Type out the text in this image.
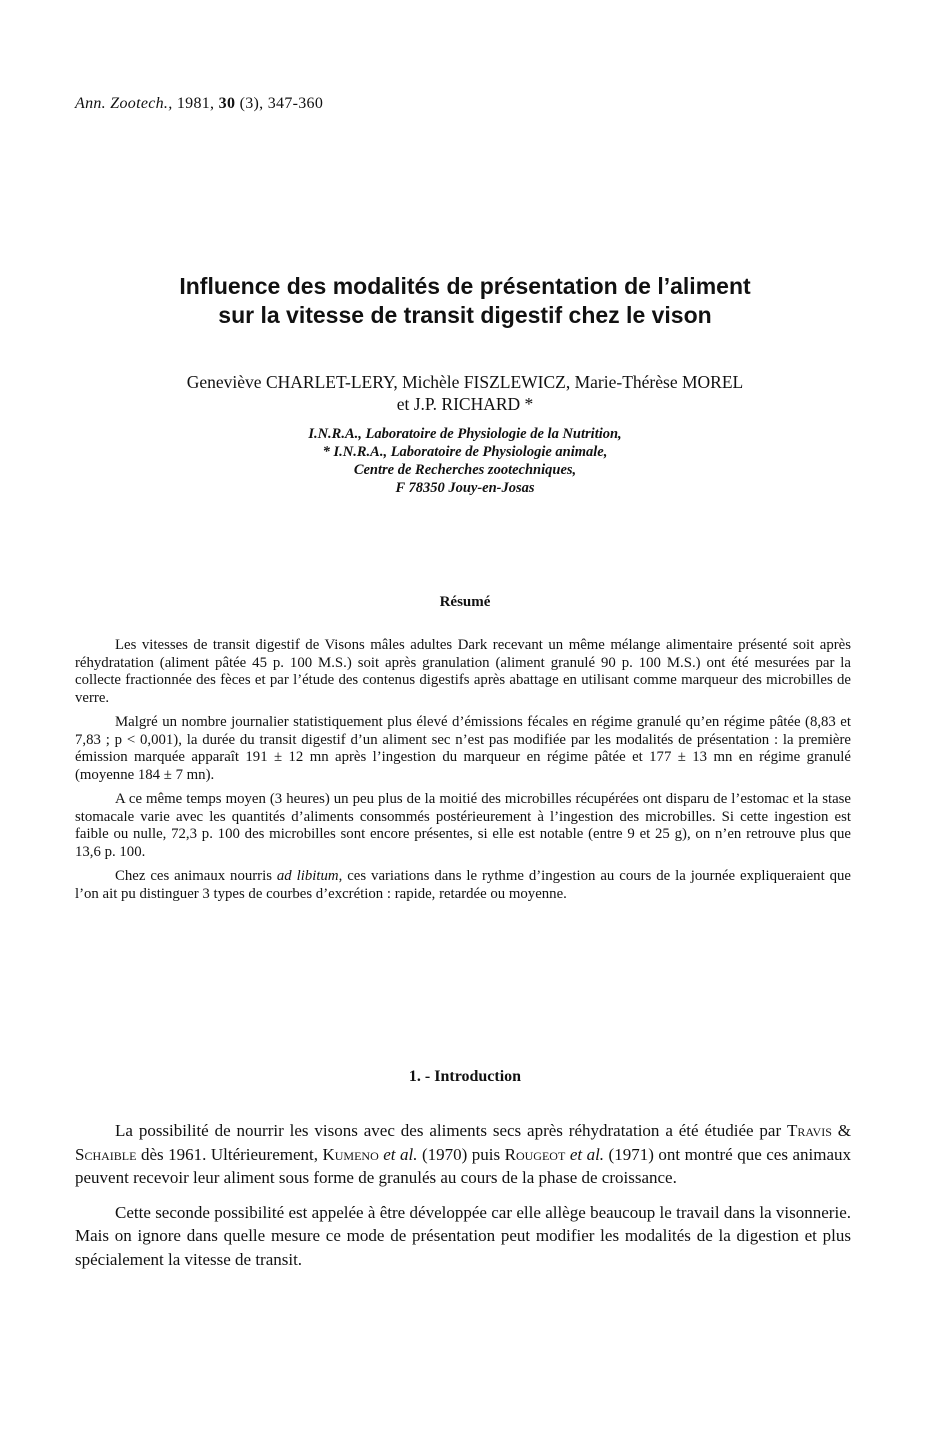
Ann. Zootech., 1981, 30 (3), 347-360
Influence des modalités de présentation de l’aliment
sur la vitesse de transit digestif chez le vison
Geneviève CHARLET-LERY, Michèle FISZLEWICZ, Marie-Thérèse MOREL
et J.P. RICHARD *
I.N.R.A., Laboratoire de Physiologie de la Nutrition,
* I.N.R.A., Laboratoire de Physiologie animale,
Centre de Recherches zootechniques,
F 78350 Jouy-en-Josas
Résumé

Les vitesses de transit digestif de Visons mâles adultes Dark recevant un même mélange alimentaire présenté soit après réhydratation (aliment pâtée 45 p. 100 M.S.) soit après granulation (aliment granulé 90 p. 100 M.S.) ont été mesurées par la collecte fractionnée des fèces et par l’étude des contenus digestifs après abattage en utilisant comme marqueur des microbilles de verre.

Malgré un nombre journalier statistiquement plus élevé d’émissions fécales en régime granulé qu’en régime pâtée (8,83 et 7,83 ; p < 0,001), la durée du transit digestif d’un aliment sec n’est pas modifiée par les modalités de présentation : la première émission marquée apparaît 191 ± 12 mn après l’ingestion du marqueur en régime pâtée et 177 ± 13 mn en régime granulé (moyenne 184 ± 7 mn).

A ce même temps moyen (3 heures) un peu plus de la moitié des microbilles récupérées ont disparu de l’estomac et la stase stomacale varie avec les quantités d’aliments consommés postérieurement à l’ingestion des microbilles. Si cette ingestion est faible ou nulle, 72,3 p. 100 des microbilles sont encore présentes, si elle est notable (entre 9 et 25 g), on n’en retrouve plus que 13,6 p. 100.

Chez ces animaux nourris ad libitum, ces variations dans le rythme d’ingestion au cours de la journée expliqueraient que l’on ait pu distinguer 3 types de courbes d’excrétion : rapide, retardée ou moyenne.

1. - Introduction

La possibilité de nourrir les visons avec des aliments secs après réhydratation a été étudiée par Travis & Schaible dès 1961. Ultérieurement, Kumeno et al. (1970) puis Rougeot et al. (1971) ont montré que ces animaux peuvent recevoir leur aliment sous forme de granulés au cours de la phase de croissance.

Cette seconde possibilité est appelée à être développée car elle allège beaucoup le travail dans la visonnerie. Mais on ignore dans quelle mesure ce mode de présentation peut modifier les modalités de la digestion et plus spécialement la vitesse de transit.
